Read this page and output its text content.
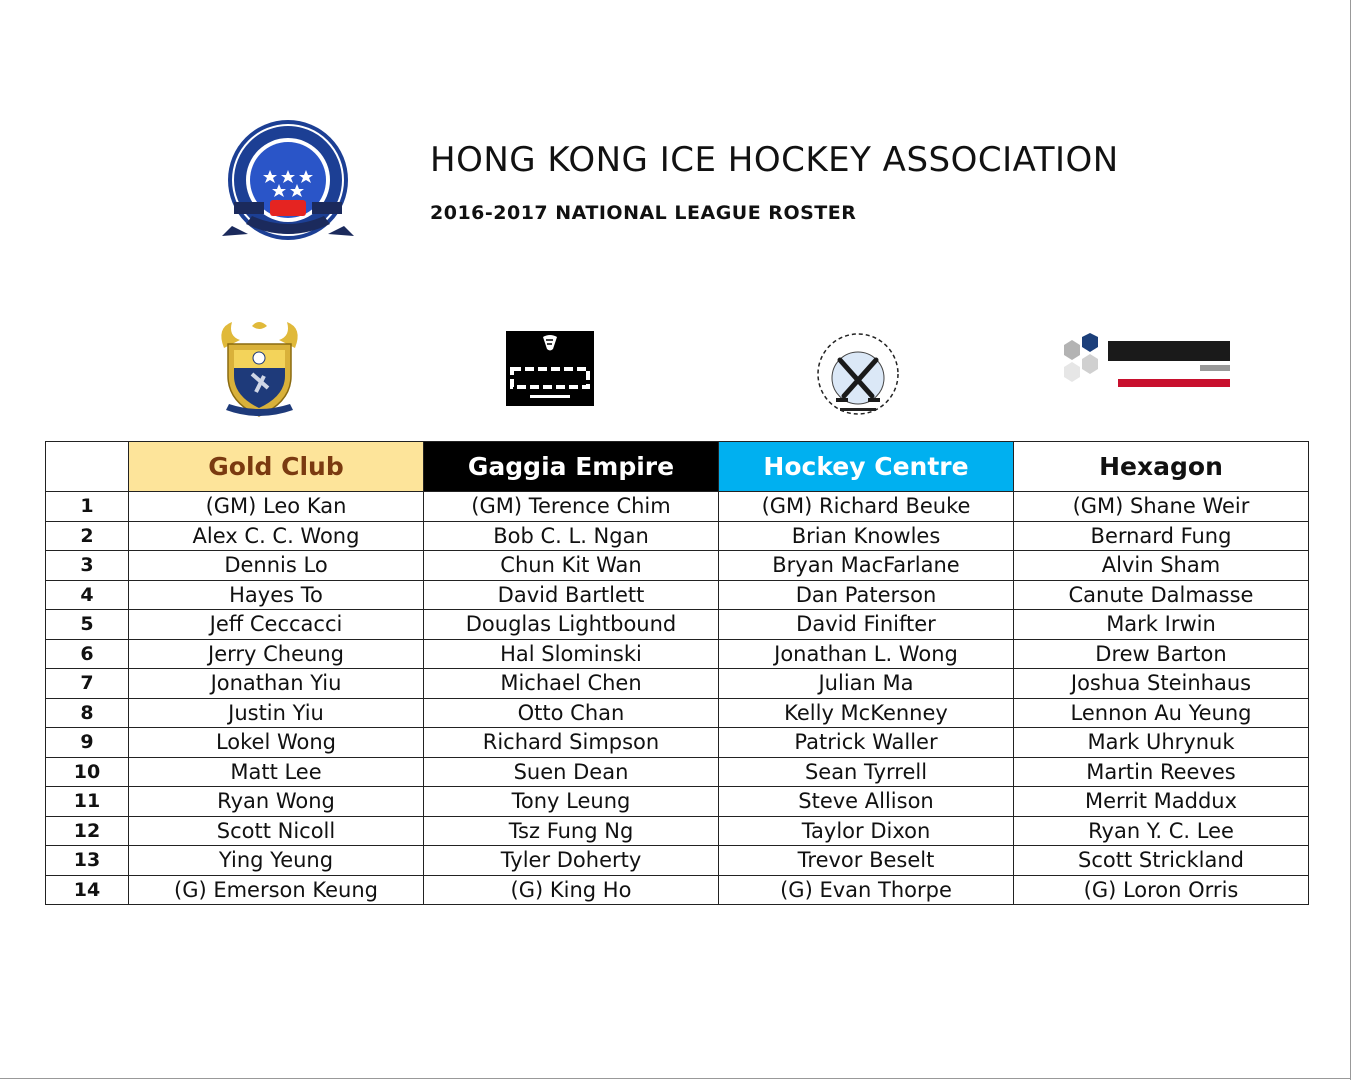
HONG KONG ICE HOCKEY ASSOCIATION
2016-2017 NATIONAL LEAGUE ROSTER
	Gold Club	Gaggia Empire	Hockey Centre	Hexagon
1	(GM) Leo Kan	(GM) Terence Chim	(GM) Richard Beuke	(GM) Shane Weir
2	Alex C. C. Wong	Bob C. L. Ngan	Brian Knowles	Bernard Fung
3	Dennis Lo	Chun Kit Wan	Bryan MacFarlane	Alvin Sham
4	Hayes To	David Bartlett	Dan Paterson	Canute Dalmasse
5	Jeff Ceccacci	Douglas Lightbound	David Finifter	Mark Irwin
6	Jerry Cheung	Hal Slominski	Jonathan L. Wong	Drew Barton
7	Jonathan Yiu	Michael Chen	Julian Ma	Joshua Steinhaus
8	Justin Yiu	Otto Chan	Kelly McKenney	Lennon Au Yeung
9	Lokel Wong	Richard Simpson	Patrick Waller	Mark Uhrynuk
10	Matt Lee	Suen Dean	Sean Tyrrell	Martin Reeves
11	Ryan Wong	Tony Leung	Steve Allison	Merrit Maddux
12	Scott Nicoll	Tsz Fung Ng	Taylor Dixon	Ryan Y. C. Lee
13	Ying Yeung	Tyler Doherty	Trevor Beselt	Scott Strickland
14	(G) Emerson Keung	(G) King Ho	(G) Evan Thorpe	(G) Loron Orris
